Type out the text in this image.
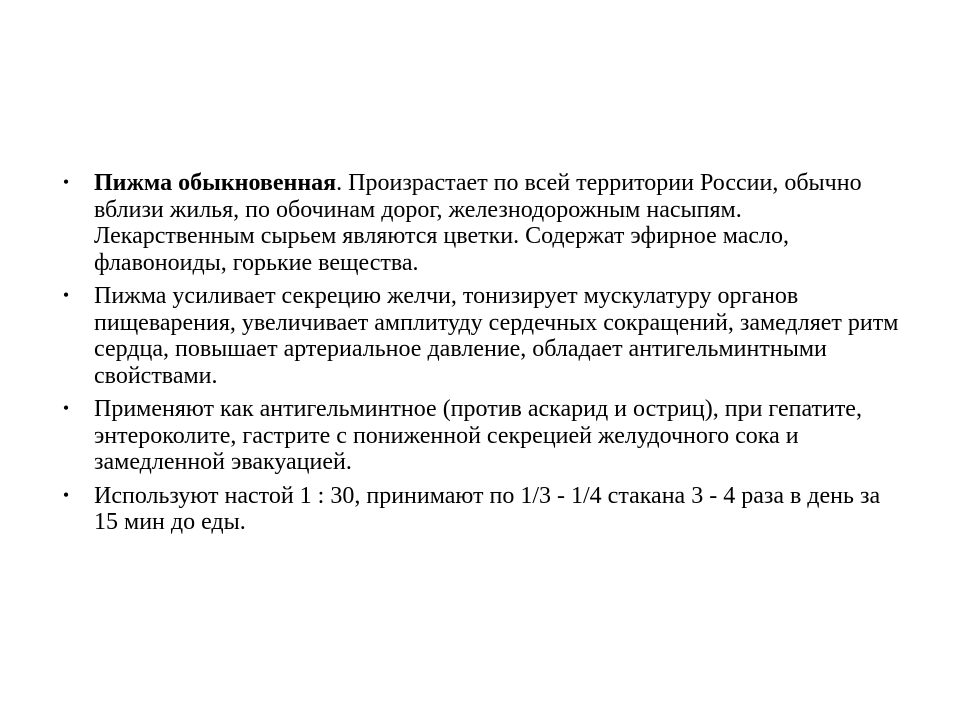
• Пижма обыкновенная. Произрастает по всей территории России, обычно вблизи жилья, по обочинам дорог, железнодорожным насыпям. Лекарственным сырьем являются цветки. Содержат эфирное масло, флавоноиды, горькие вещества.
• Пижма усиливает секрецию желчи, тонизирует мускулатуру органов пищеварения, увеличивает амплитуду сердечных сокращений, замедляет ритм сердца, повышает артериальное давление, обладает антигельминтными свойствами.
• Применяют как антигельминтное (против аскарид и остриц), при гепатите, энтероколите, гастрите с пониженной секрецией желудочного сока и замедленной эвакуацией.
• Используют настой 1 : 30, принимают по 1/3 - 1/4 стакана 3 - 4 раза в день за 15 мин до еды.
